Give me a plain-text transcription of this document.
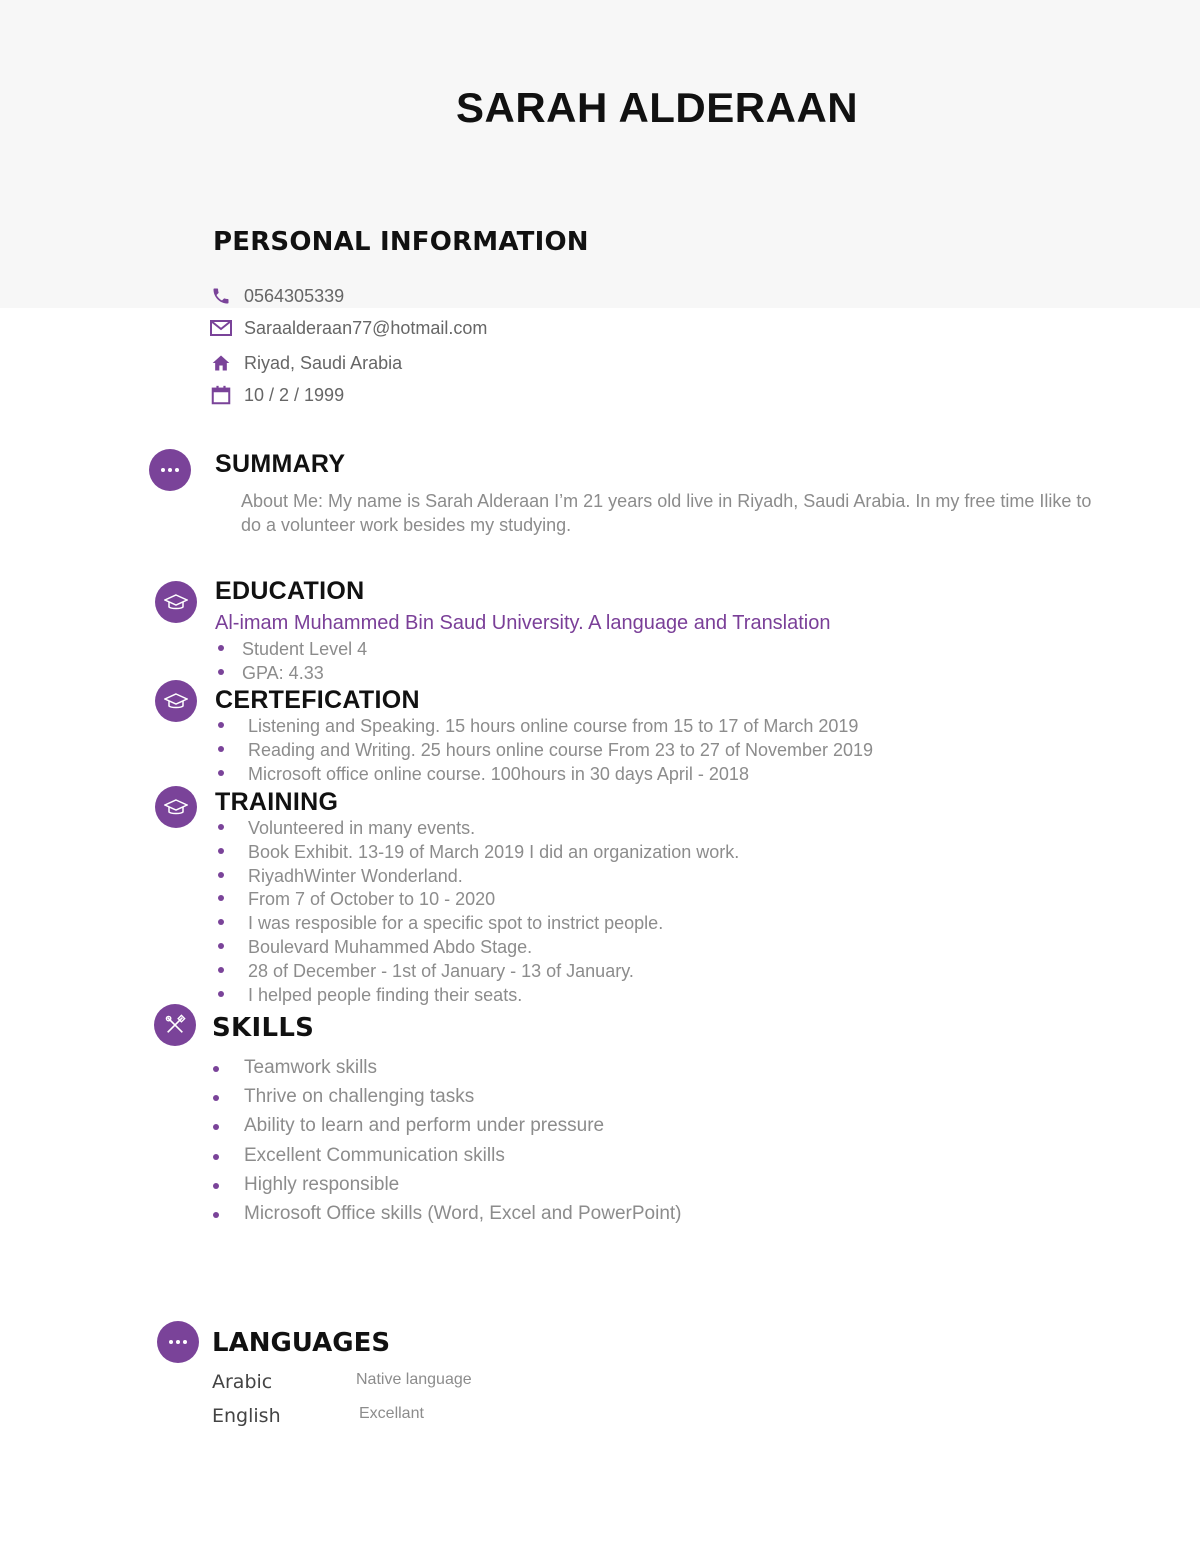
SARAH ALDERAAN
PERSONAL INFORMATION
0564305339
Saraalderaan77@hotmail.com
Riyad, Saudi Arabia
10 / 2 / 1999
SUMMARY
About Me: My name is Sarah Alderaan I’m 21 years old live in Riyadh, Saudi Arabia. In my free time Ilike to do a volunteer work besides my studying.
EDUCATION
Al-imam Muhammed Bin Saud University. A language and Translation
Student Level 4
GPA: 4.33
CERTEFICATION
Listening and Speaking. 15 hours online course from 15 to 17 of March 2019
Reading and Writing. 25 hours online course From 23 to 27 of November 2019
Microsoft office online course. 100hours in 30 days April - 2018
TRAINING
Volunteered in many events.
Book Exhibit. 13-19 of March 2019 I did an organization work.
RiyadhWinter Wonderland.
From 7 of October to 10 - 2020
I was resposible for a specific spot to instrict people.
Boulevard Muhammed Abdo Stage.
28 of December - 1st of January - 13 of January.
I helped people finding their seats.
SKILLS
Teamwork skills
Thrive on challenging tasks
Ability to learn and perform under pressure
Excellent Communication skills
Highly responsible
Microsoft Office skills (Word, Excel and PowerPoint)
LANGUAGES
Arabic	Native language
English	Excellant
